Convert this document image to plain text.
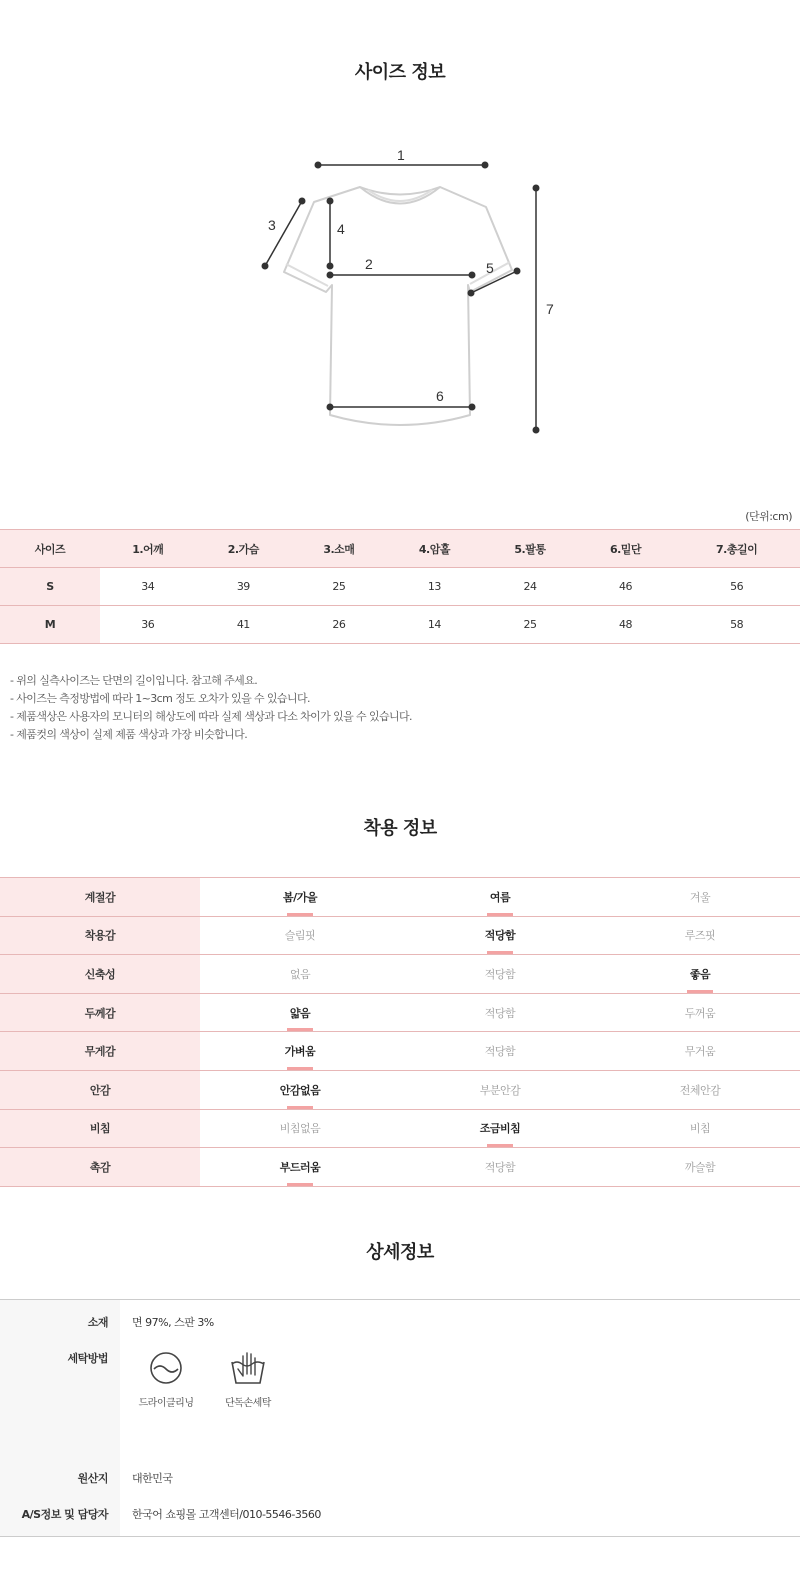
사이즈 정보
1
2
3	4
5
6
7
(단위:cm)
사이즈	1.어깨	2.가슴	3.소매	4.암홀	5.팔통	6.밑단	7.총길이
S	34	39	25	13	24	46	56
M	36	41	26	14	25	48	58
- 위의 실측사이즈는 단면의 길이입니다. 참고해 주세요.
- 사이즈는 측정방법에 따라 1~3cm 정도 오차가 있을 수 있습니다.
- 제품색상은 사용자의 모니터의 해상도에 따라 실제 색상과 다소 차이가 있을 수 있습니다.
- 제품컷의 색상이 실제 제품 색상과 가장 비슷합니다.
착용 정보
계절감	봄/가을	여름	겨울
착용감	슬림핏	적당함	루즈핏
신축성	없음	적당함	좋음
두께감	얇음	적당함	두꺼움
무게감	가벼움	적당함	무거움
안감	안감없음	부분안감	전체안감
비침	비침없음	조금비침	비침
촉감	부드러움	적당함	까슬함
상세정보
소재	면 97%, 스판 3%
세탁방법	드라이클리닝 단독손세탁

원산지	대한민국
A/S정보 및 담당자	한국어 쇼핑몰 고객센터/010-5546-3560
